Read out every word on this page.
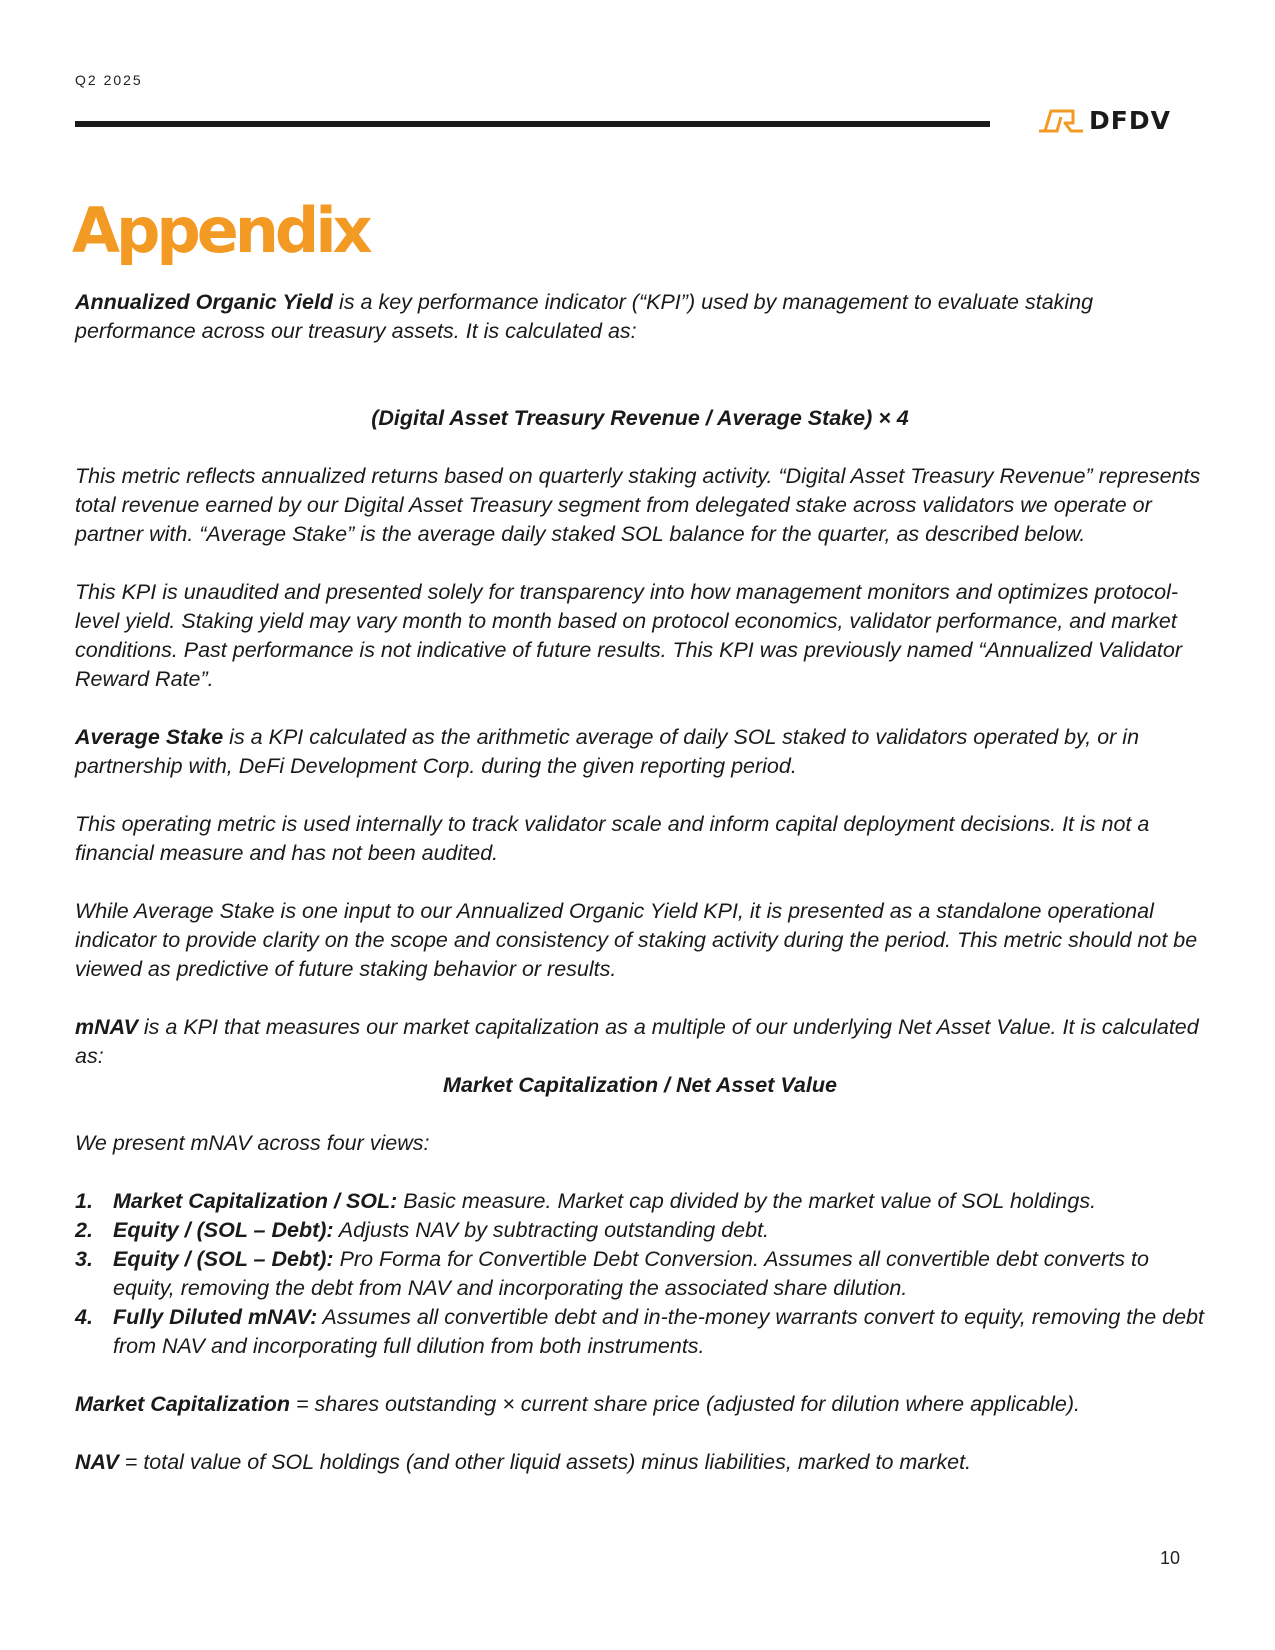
Q2 2025
DFDV
Appendix

Annualized Organic Yield is a key performance indicator (“KPI”) used by management to evaluate staking performance across our treasury assets. It is calculated as:

(Digital Asset Treasury Revenue / Average Stake) × 4

This metric reflects annualized returns based on quarterly staking activity. “Digital Asset Treasury Revenue” represents total revenue earned by our Digital Asset Treasury segment from delegated stake across validators we operate or partner with. “Average Stake” is the average daily staked SOL balance for the quarter, as described below.

This KPI is unaudited and presented solely for transparency into how management monitors and optimizes protocol-level yield. Staking yield may vary month to month based on protocol economics, validator performance, and market conditions. Past performance is not indicative of future results. This KPI was previously named “Annualized Validator Reward Rate”.

Average Stake is a KPI calculated as the arithmetic average of daily SOL staked to validators operated by, or in partnership with, DeFi Development Corp. during the given reporting period.

This operating metric is used internally to track validator scale and inform capital deployment decisions. It is not a financial measure and has not been audited.

While Average Stake is one input to our Annualized Organic Yield KPI, it is presented as a standalone operational indicator to provide clarity on the scope and consistency of staking activity during the period. This metric should not be viewed as predictive of future staking behavior or results.

mNAV is a KPI that measures our market capitalization as a multiple of our underlying Net Asset Value. It is calculated as:

Market Capitalization / Net Asset Value

We present mNAV across four views:

1. Market Capitalization / SOL: Basic measure. Market cap divided by the market value of SOL holdings.
2. Equity / (SOL – Debt): Adjusts NAV by subtracting outstanding debt.
3. Equity / (SOL – Debt): Pro Forma for Convertible Debt Conversion. Assumes all convertible debt converts to equity, removing the debt from NAV and incorporating the associated share dilution.
4. Fully Diluted mNAV: Assumes all convertible debt and in-the-money warrants convert to equity, removing the debt from NAV and incorporating full dilution from both instruments.

Market Capitalization = shares outstanding × current share price (adjusted for dilution where applicable).

NAV = total value of SOL holdings (and other liquid assets) minus liabilities, marked to market.

10
